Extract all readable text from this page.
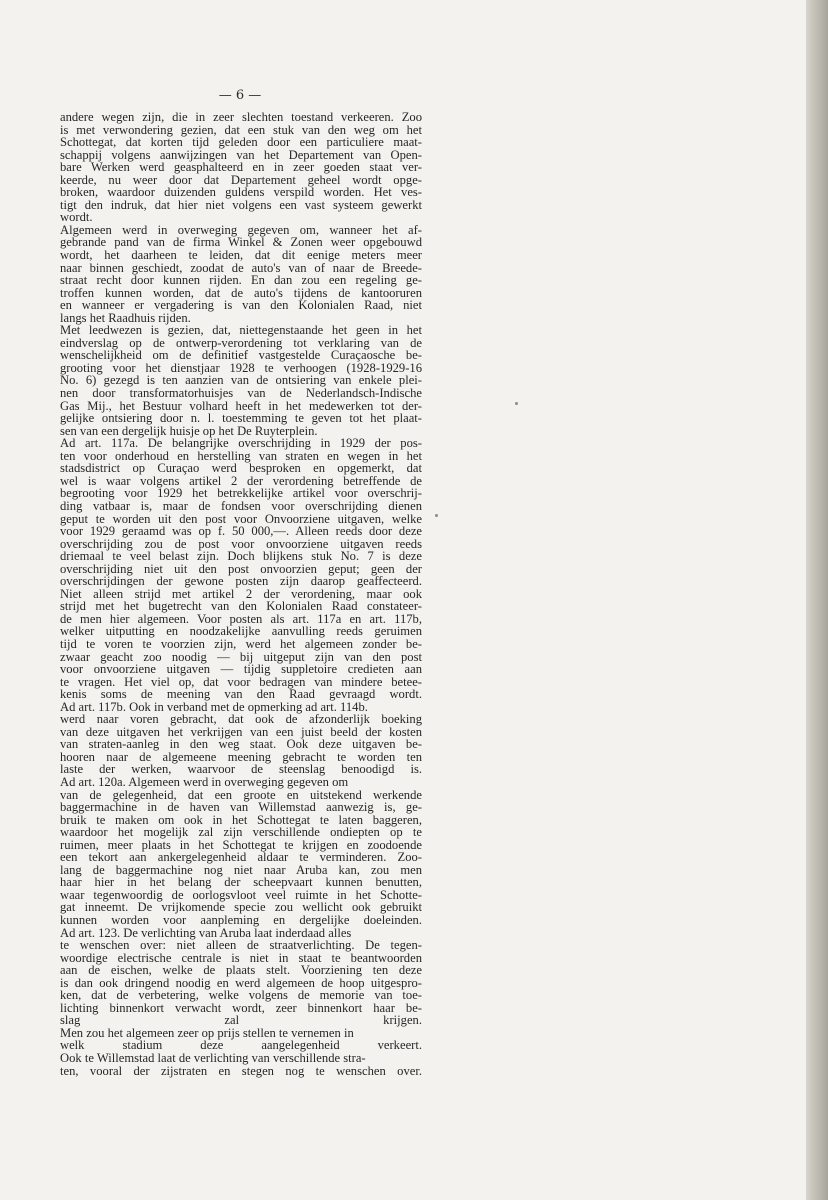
— 6 —
andere wegen zijn, die in zeer slechten toestand verkeeren. Zoo
is met verwondering gezien, dat een stuk van den weg om het
Schottegat, dat korten tijd geleden door een particuliere maat-
schappij volgens aanwijzingen van het Departement van Open-
bare Werken werd geasphalteerd en in zeer goeden staat ver-
keerde, nu weer door dat Departement geheel wordt opge-
broken, waardoor duizenden guldens verspild worden. Het ves-
tigt den indruk, dat hier niet volgens een vast systeem gewerkt
wordt.
Algemeen werd in overweging gegeven om, wanneer het af-
gebrande pand van de firma Winkel & Zonen weer opgebouwd
wordt, het daarheen te leiden, dat dit eenige meters meer
naar binnen geschiedt, zoodat de auto's van of naar de Breede-
straat recht door kunnen rijden. En dan zou een regeling ge-
troffen kunnen worden, dat de auto's tijdens de kantooruren
en wanneer er vergadering is van den Kolonialen Raad, niet
langs het Raadhuis rijden.
Met leedwezen is gezien, dat, niettegenstaande het geen in het
eindverslag op de ontwerp-verordening tot verklaring van de
wenschelijkheid om de definitief vastgestelde Curaçaosche be-
grooting voor het dienstjaar 1928 te verhoogen (1928-1929-16
No. 6) gezegd is ten aanzien van de ontsiering van enkele plei-
nen door transformatorhuisjes van de Nederlandsch-Indische
Gas Mij., het Bestuur volhard heeft in het medewerken tot der-
gelijke ontsiering door n. l. toestemming te geven tot het plaat-
sen van een dergelijk huisje op het De Ruyterplein.
Ad art. 117a. De belangrijke overschrijding in 1929 der pos-
ten voor onderhoud en herstelling van straten en wegen in het
stadsdistrict op Curaçao werd besproken en opgemerkt, dat
wel is waar volgens artikel 2 der verordening betreffende de
begrooting voor 1929 het betrekkelijke artikel voor overschrij-
ding vatbaar is, maar de fondsen voor overschrijding dienen
geput te worden uit den post voor Onvoorziene uitgaven, welke
voor 1929 geraamd was op f. 50 000,—. Alleen reeds door deze
overschrijding zou de post voor onvoorziene uitgaven reeds
driemaal te veel belast zijn. Doch blijkens stuk No. 7 is deze
overschrijding niet uit den post onvoorzien geput; geen der
overschrijdingen der gewone posten zijn daarop geaffecteerd.
Niet alleen strijd met artikel 2 der verordening, maar ook
strijd met het bugetrecht van den Kolonialen Raad constateer-
de men hier algemeen. Voor posten als art. 117a en art. 117b,
welker uitputting en noodzakelijke aanvulling reeds geruimen
tijd te voren te voorzien zijn, werd het algemeen zonder be-
zwaar geacht zoo noodig — bij uitgeput zijn van den post
voor onvoorziene uitgaven — tijdig suppletoire credieten aan
te vragen. Het viel op, dat voor bedragen van mindere betee-
kenis soms de meening van den Raad gevraagd wordt.
Ad art. 117b. Ook in verband met de opmerking ad art. 114b.
werd naar voren gebracht, dat ook de afzonderlijk boeking
van deze uitgaven het verkrijgen van een juist beeld der kosten
van straten-aanleg in den weg staat. Ook deze uitgaven be-
hooren naar de algemeene meening gebracht te worden ten
laste der werken, waarvoor de steenslag benoodigd is.
Ad art. 120a. Algemeen werd in overweging gegeven om
van de gelegenheid, dat een groote en uitstekend werkende
baggermachine in de haven van Willemstad aanwezig is, ge-
bruik te maken om ook in het Schottegat te laten baggeren,
waardoor het mogelijk zal zijn verschillende ondiepten op te
ruimen, meer plaats in het Schottegat te krijgen en zoodoende
een tekort aan ankergelegenheid aldaar te verminderen. Zoo-
lang de baggermachine nog niet naar Aruba kan, zou men
haar hier in het belang der scheepvaart kunnen benutten,
waar tegenwoordig de oorlogsvloot veel ruimte in het Schotte-
gat inneemt. De vrijkomende specie zou wellicht ook gebruikt
kunnen worden voor aanpleming en dergelijke doeleinden.
Ad art. 123. De verlichting van Aruba laat inderdaad alles
te wenschen over: niet alleen de straatverlichting. De tegen-
woordige electrische centrale is niet in staat te beantwoorden
aan de eischen, welke de plaats stelt. Voorziening ten deze
is dan ook dringend noodig en werd algemeen de hoop uitgespro-
ken, dat de verbetering, welke volgens de memorie van toe-
lichting binnenkort verwacht wordt, zeer binnenkort haar be-
slag zal krijgen.
Men zou het algemeen zeer op prijs stellen te vernemen in
welk stadium deze aangelegenheid verkeert.
Ook te Willemstad laat de verlichting van verschillende stra-
ten, vooral der zijstraten en stegen nog te wenschen over.
